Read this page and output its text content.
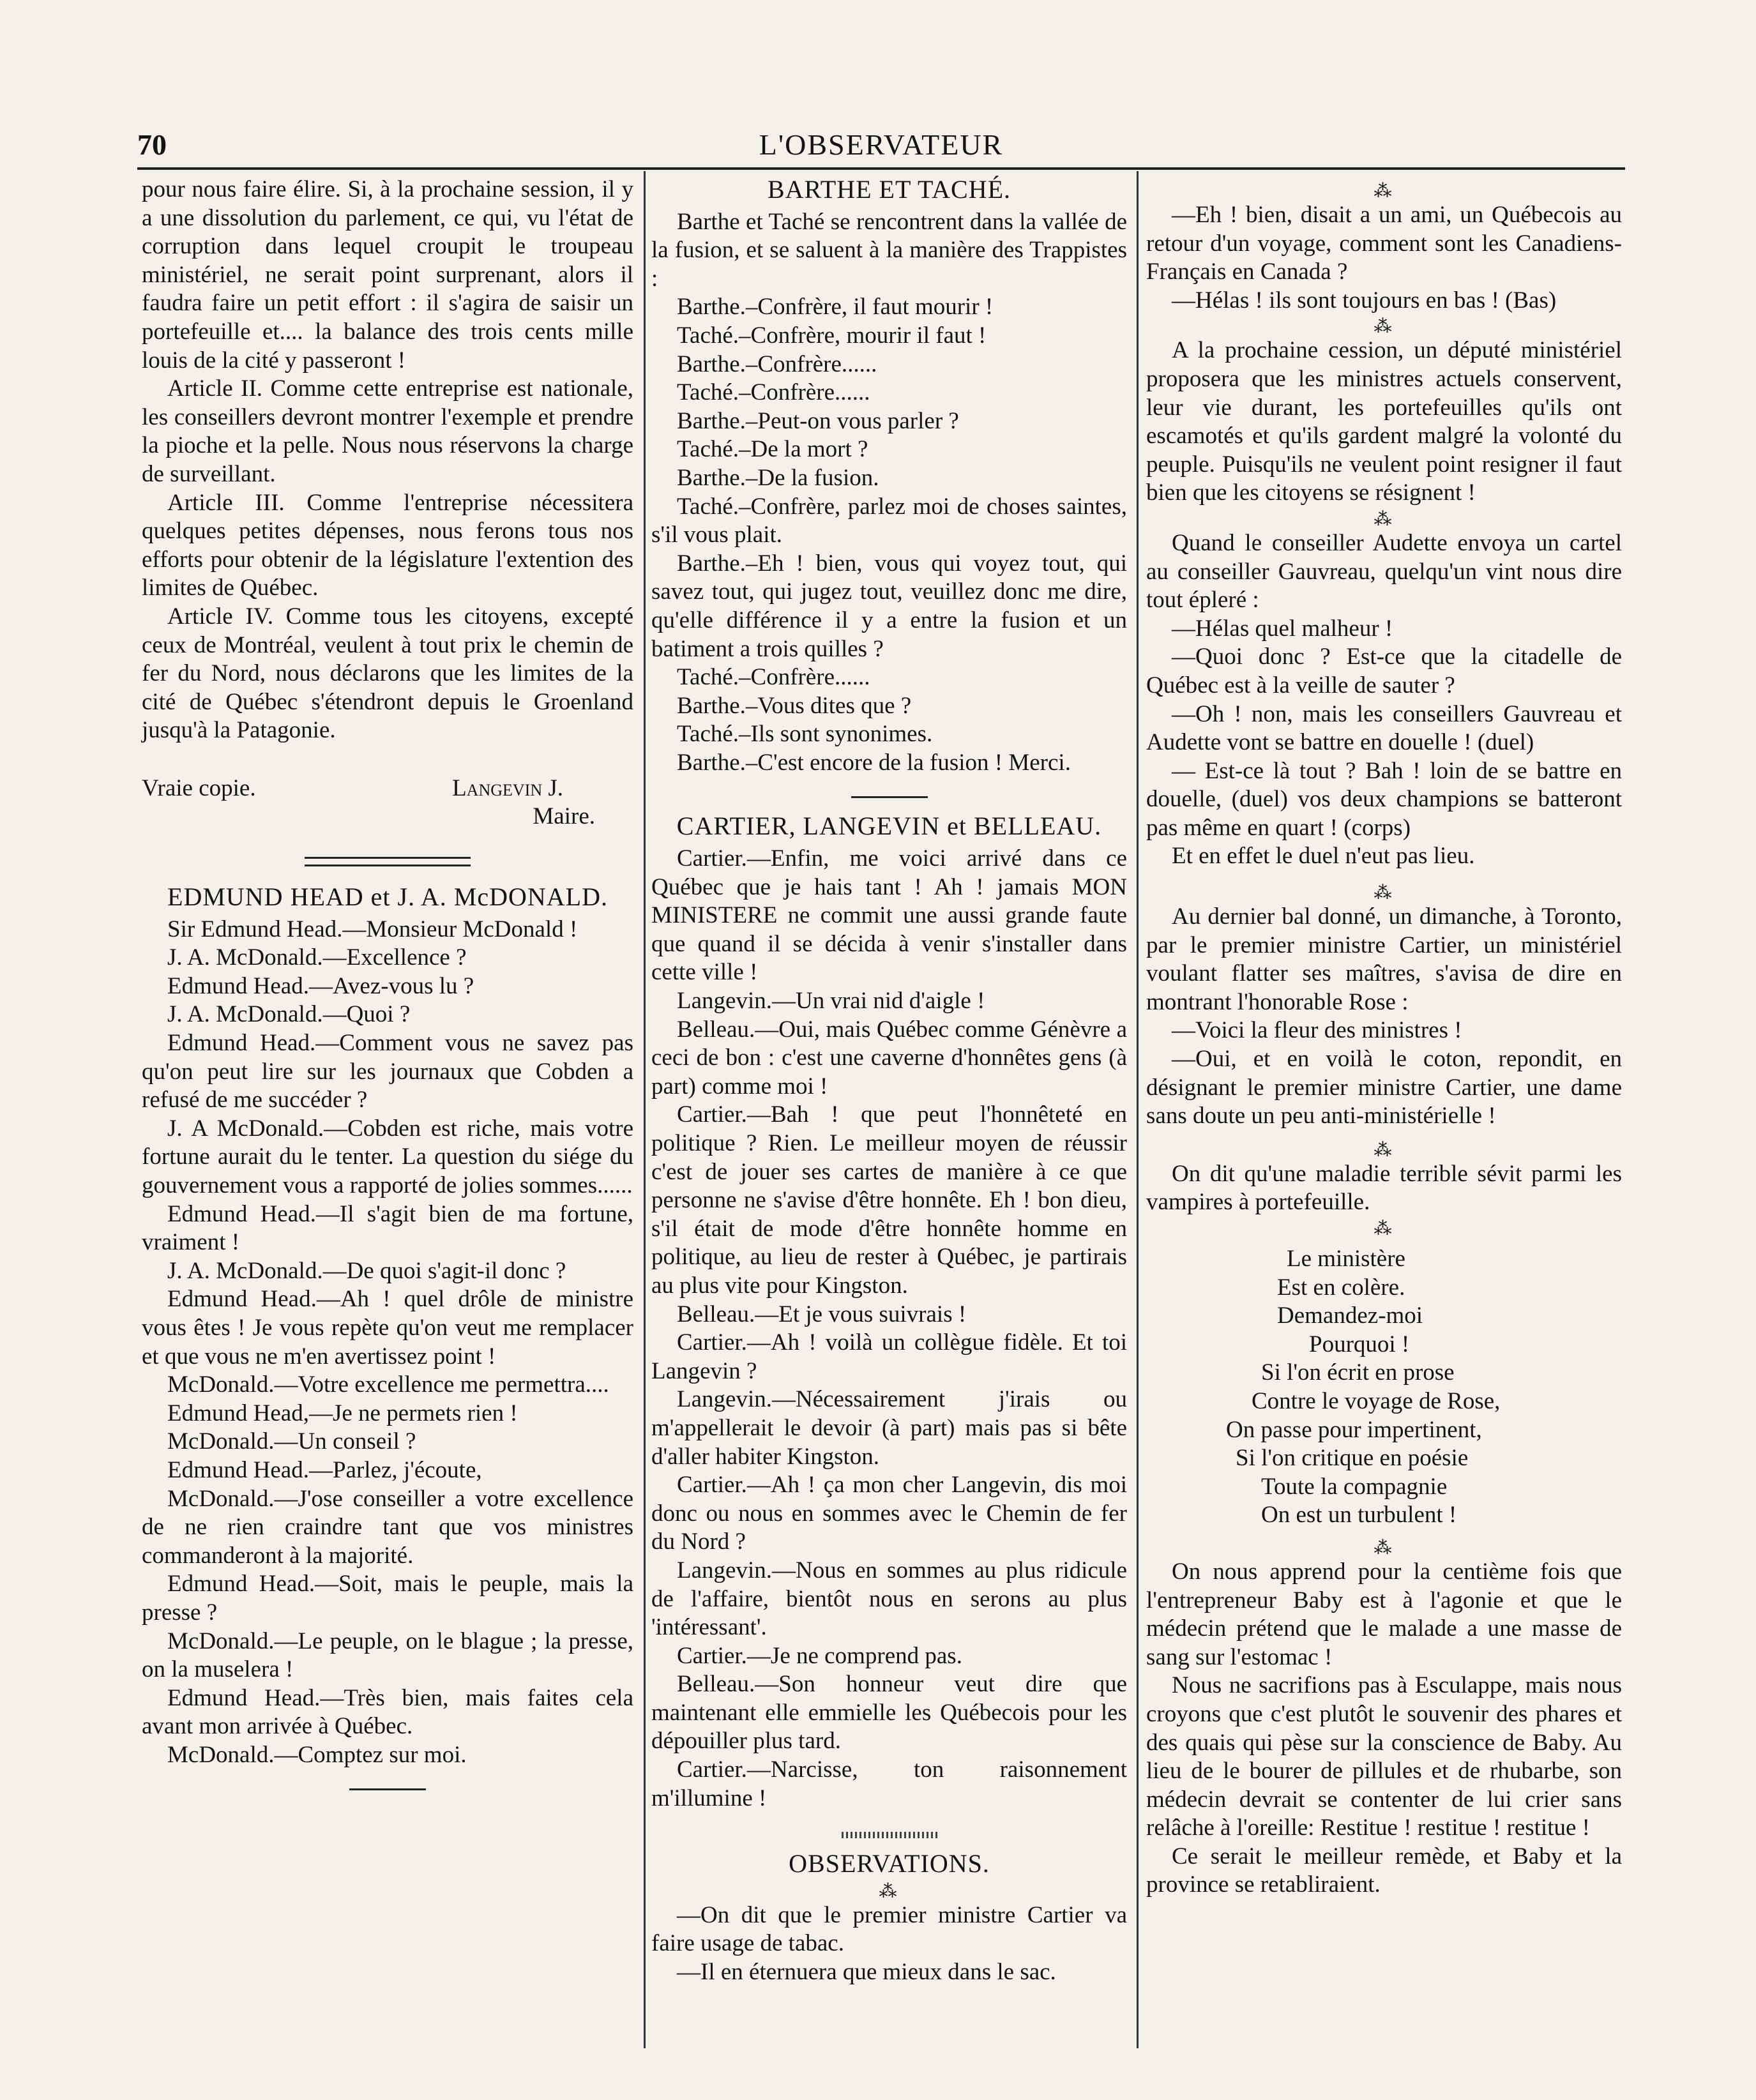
70	L'OBSERVATEUR

pour nous faire élire. Si, à la prochaine session, il y a une dissolution du parlement, ce qui, vu l'état de corruption dans lequel croupit le troupeau ministériel, ne serait point surprenant, alors il faudra faire un petit effort : il s'agira de saisir un portefeuille et.... la balance des trois cents mille louis de la cité y passeront !

Article II. Comme cette entreprise est nationale, les conseillers devront montrer l'exemple et prendre la pioche et la pelle. Nous nous réservons la charge de surveillant.

Article III. Comme l'entreprise nécessitera quelques petites dépenses, nous ferons tous nos efforts pour obtenir de la législature l'extention des limites de Québec.

Article IV. Comme tous les citoyens, excepté ceux de Montréal, veulent à tout prix le chemin de fer du Nord, nous déclarons que les limites de la cité de Québec s'étendront depuis le Groenland jusqu'à la Patagonie.

Vraie copie.	Langevin J.

Maire.

EDMUND HEAD et J. A. McDONALD.

Sir Edmund Head.—Monsieur McDonald !

J. A. McDonald.—Excellence ?

Edmund Head.—Avez-vous lu ?

J. A. McDonald.—Quoi ?

Edmund Head.—Comment vous ne savez pas qu'on peut lire sur les journaux que Cobden a refusé de me succéder ?

J. A McDonald.—Cobden est riche, mais votre fortune aurait du le tenter. La question du siége du gouvernement vous a rapporté de jolies sommes......

Edmund Head.—Il s'agit bien de ma fortune, vraiment !

J. A. McDonald.—De quoi s'agit-il donc ?

Edmund Head.—Ah ! quel drôle de ministre vous êtes ! Je vous repète qu'on veut me remplacer et que vous ne m'en avertissez point !

McDonald.—Votre excellence me permettra....

Edmund Head,—Je ne permets rien !

McDonald.—Un conseil ?

Edmund Head.—Parlez, j'écoute,

McDonald.—J'ose conseiller a votre excellence de ne rien craindre tant que vos ministres commanderont à la majorité.

Edmund Head.—Soit, mais le peuple, mais la presse ?

McDonald.—Le peuple, on le blague ; la presse, on la muselera !

Edmund Head.—Très bien, mais faites cela avant mon arrivée à Québec.

McDonald.—Comptez sur moi.

BARTHE ET TACHÉ.

Barthe et Taché se rencontrent dans la vallée de la fusion, et se saluent à la manière des Trappistes :

Barthe.–Confrère, il faut mourir !

Taché.–Confrère, mourir il faut !

Barthe.–Confrère......

Taché.–Confrère......

Barthe.–Peut-on vous parler ?

Taché.–De la mort ?

Barthe.–De la fusion.

Taché.–Confrère, parlez moi de choses saintes, s'il vous plait.

Barthe.–Eh ! bien, vous qui voyez tout, qui savez tout, qui jugez tout, veuillez donc me dire, qu'elle différence il y a entre la fusion et un batiment a trois quilles ?

Taché.–Confrère......

Barthe.–Vous dites que ?

Taché.–Ils sont synonimes.

Barthe.–C'est encore de la fusion ! Merci.

CARTIER, LANGEVIN et BELLEAU.

Cartier.—Enfin, me voici arrivé dans ce Québec que je hais tant ! Ah ! jamais MON MINISTERE ne commit une aussi grande faute que quand il se décida à venir s'installer dans cette ville !

Langevin.—Un vrai nid d'aigle !

Belleau.—Oui, mais Québec comme Génèvre a ceci de bon : c'est une caverne d'honnêtes gens (à part) comme moi !

Cartier.—Bah ! que peut l'honnêteté en politique ? Rien. Le meilleur moyen de réussir c'est de jouer ses cartes de manière à ce que personne ne s'avise d'être honnête. Eh ! bon dieu, s'il était de mode d'être honnête homme en politique, au lieu de rester à Québec, je partirais au plus vite pour Kingston.

Belleau.—Et je vous suivrais !

Cartier.—Ah ! voilà un collègue fidèle. Et toi Langevin ?

Langevin.—Nécessairement j'irais ou m'appellerait le devoir (à part) mais pas si bête d'aller habiter Kingston.

Cartier.—Ah ! ça mon cher Langevin, dis moi donc ou nous en sommes avec le Chemin de fer du Nord ?

Langevin.—Nous en sommes au plus ridicule de l'affaire, bientôt nous en serons au plus 'intéressant'.

Cartier.—Je ne comprend pas.

Belleau.—Son honneur veut dire que maintenant elle emmielle les Québecois pour les dépouiller plus tard.

Cartier.—Narcisse, ton raisonnement m'illumine !

OBSERVATIONS.
⁂

—On dit que le premier ministre Cartier va faire usage de tabac.

—Il en éternuera que mieux dans le sac.

⁂

—Eh ! bien, disait a un ami, un Québecois au retour d'un voyage, comment sont les Canadiens-Français en Canada ?

—Hélas ! ils sont toujours en bas ! (Bas)

⁂

A la prochaine cession, un député ministériel proposera que les ministres actuels conservent, leur vie durant, les portefeuilles qu'ils ont escamotés et qu'ils gardent malgré la volonté du peuple. Puisqu'ils ne veulent point resigner il faut bien que les citoyens se résignent !

⁂

Quand le conseiller Audette envoya un cartel au conseiller Gauvreau, quelqu'un vint nous dire tout épleré :

—Hélas quel malheur !

—Quoi donc ? Est-ce que la citadelle de Québec est à la veille de sauter ?

—Oh ! non, mais les conseillers Gauvreau et Audette vont se battre en douelle ! (duel)

— Est-ce là tout ? Bah ! loin de se battre en douelle, (duel) vos deux champions se batteront pas même en quart ! (corps)

Et en effet le duel n'eut pas lieu.

⁂

Au dernier bal donné, un dimanche, à Toronto, par le premier ministre Cartier, un ministériel voulant flatter ses maîtres, s'avisa de dire en montrant l'honorable Rose :

—Voici la fleur des ministres !

—Oui, et en voilà le coton, repondit, en désignant le premier ministre Cartier, une dame sans doute un peu anti-ministérielle !

⁂

On dit qu'une maladie terrible sévit parmi les vampires à portefeuille.

⁂

Le ministère

Est en colère.

Demandez-moi

Pourquoi !

Si l'on écrit en prose

Contre le voyage de Rose,

On passe pour impertinent,

Si l'on critique en poésie

Toute la compagnie

On est un turbulent !

⁂

On nous apprend pour la centième fois que l'entrepreneur Baby est à l'agonie et que le médecin prétend que le malade a une masse de sang sur l'estomac !

Nous ne sacrifions pas à Esculappe, mais nous croyons que c'est plutôt le souvenir des phares et des quais qui pèse sur la conscience de Baby. Au lieu de le bourer de pillules et de rhubarbe, son médecin devrait se contenter de lui crier sans relâche à l'oreille: Restitue ! restitue ! restitue !

Ce serait le meilleur remède, et Baby et la province se retabliraient.
